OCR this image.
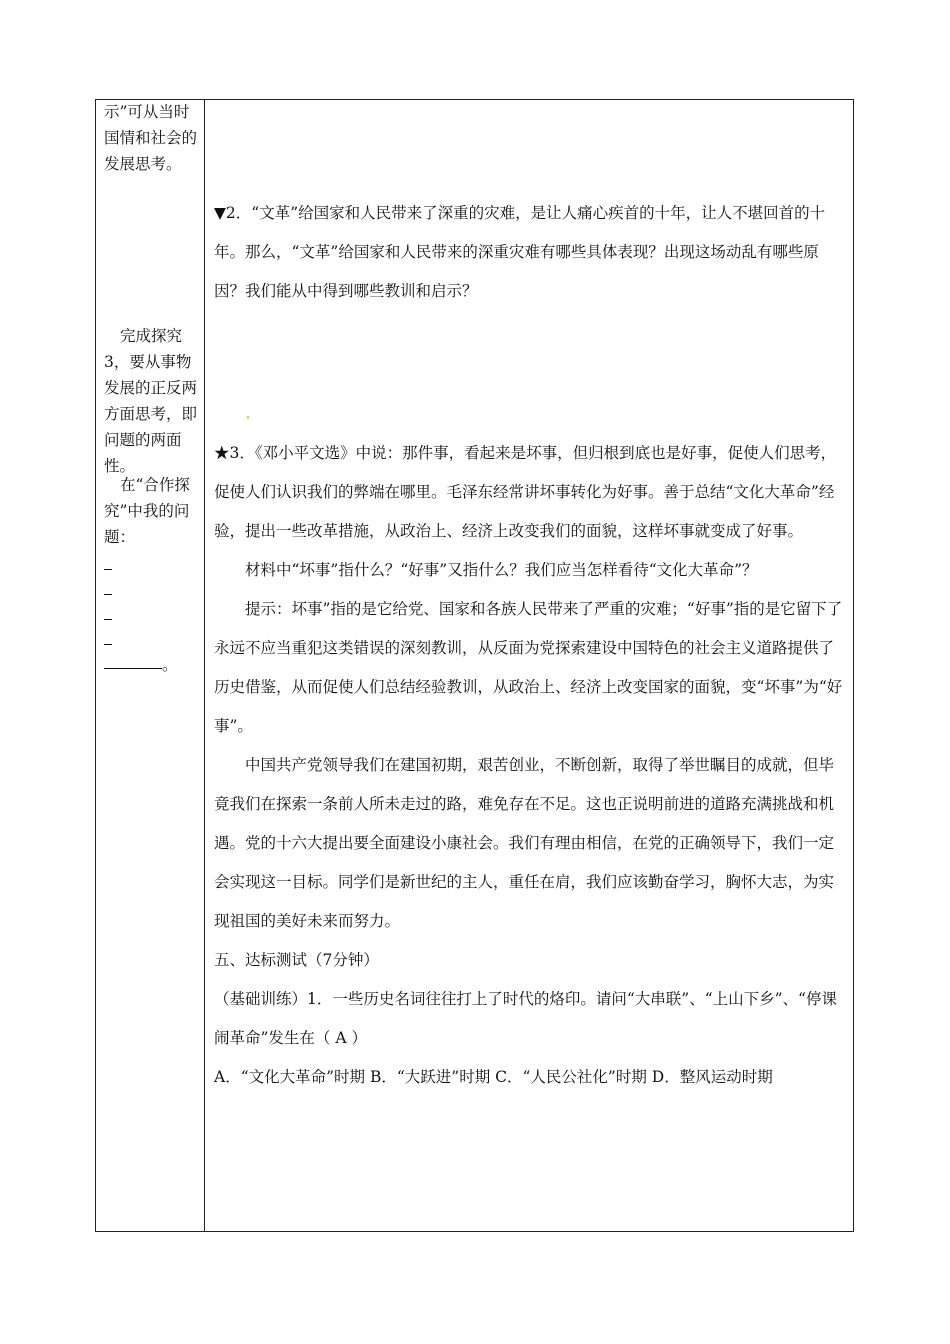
示”可从当时国情和社会的发展思考。

完成探究3，要从事物发展的正反两方面思考，即问题的两面性。

在“合作探究”中我的问题：

。

▼2．“文革”给国家和人民带来了深重的灾难，是让人痛心疾首的十年，让人不堪回首的十年。那么，“文革”给国家和人民带来的深重灾难有哪些具体表现？出现这场动乱有哪些原因？我们能从中得到哪些教训和启示？

★3．《邓小平文选》中说：那件事，看起来是坏事，但归根到底也是好事，促使人们思考，促使人们认识我们的弊端在哪里。毛泽东经常讲坏事转化为好事。善于总结“文化大革命”经验，提出一些改革措施，从政治上、经济上改变我们的面貌，这样坏事就变成了好事。

材料中“坏事”指什么？“好事”又指什么？我们应当怎样看待“文化大革命”？

提示：坏事”指的是它给党、国家和各族人民带来了严重的灾难；“好事”指的是它留下了永远不应当重犯这类错误的深刻教训，从反面为党探索建设中国特色的社会主义道路提供了历史借鉴，从而促使人们总结经验教训，从政治上、经济上改变国家的面貌，变“坏事”为“好事”。

中国共产党领导我们在建国初期，艰苦创业，不断创新，取得了举世瞩目的成就，但毕竟我们在探索一条前人所未走过的路，难免存在不足。这也正说明前进的道路充满挑战和机遇。党的十六大提出要全面建设小康社会。我们有理由相信，在党的正确领导下，我们一定会实现这一目标。同学们是新世纪的主人，重任在肩，我们应该勤奋学习，胸怀大志，为实现祖国的美好未来而努力。

五、达标测试（7分钟）

（基础训练）1．一些历史名词往往打上了时代的烙印。请问“大串联”、“上山下乡”、“停课闹革命”发生在（ A ）

A．“文化大革命”时期 B．“大跃进”时期 C．“人民公社化”时期 D．整风运动时期
